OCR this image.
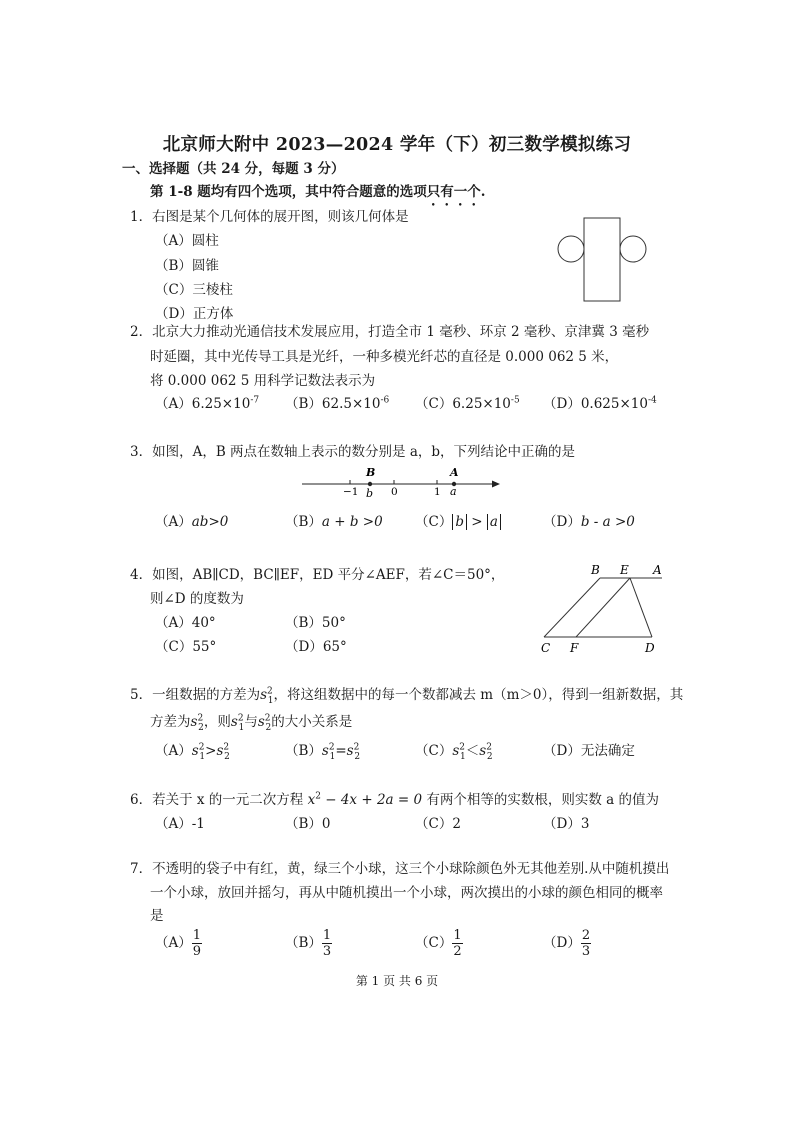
北京师大附中 2023—2024 学年（下）初三数学模拟练习
一、选择题（共 24 分，每题 3 分）
第 1-8 题均有四个选项，其中符合题意的选项只有一个.
1．右图是某个几何体的展开图，则该几何体是
（A）圆柱
（B）圆锥
（C）三棱柱
（D）正方体
2．北京大力推动光通信技术发展应用，打造全市 1 毫秒、环京 2 毫秒、京津冀 3 毫秒
时延圈，其中光传导工具是光纤，一种多模光纤芯的直径是 0.000 062 5 米，
将 0.000 062 5 用科学记数法表示为
$(A)6.25\times 10^{-7}$ $(B)62.5\times 10^{-6}$ $(C)6.25\times 10^{-5}$ $(D)0.625\times 10^{-4}$
3．如图，A，B 两点在数轴上表示的数分别是 a，b，下列结论中正确的是
B	A
−1 b 0	1 a
（A）ab>0	（B）a + b >0 （C） b > a	（D）b - a >0
4．如图，AB∥CD，BC∥EF，ED 平分∠AEF，若∠C＝50°，
则∠D 的度数为
（A）40°	（B）50°
（C）55°	（D）65°
B E A
C F	D
5．一组数据的方差为$s^2_1$，将这组数据中的每一个数都减去 m（m＞0），得到一组新数据，其
方差为$s^2_2$，则$s^2_1$与$s^2_2$的大小关系是
$(A)s^2_1>s^2_2$	$(B)s^2_1=s^2_2$	$(C)s^2_1<s^2_2$	（D）无法确定
6．若关于 x 的一元二次方程 $x^2 - 4x + 2a = 0$ 有两个相等的实数根，则实数 a 的值为
（A）-1	（B）0	（C）2	（D）3
7．不透明的袋子中有红，黄，绿三个小球，这三个小球除颜色外无其他差别.从中随机摸出
一个小球，放回并摇匀，再从中随机摸出一个小球，两次摸出的小球的颜色相同的概率
是
$(A) \frac{1}{9}$	$(B) \frac{1}{3}$	$(C) \frac{1}{2}$	$(D) \frac{2}{3}$
第 1 页 共 6 页
